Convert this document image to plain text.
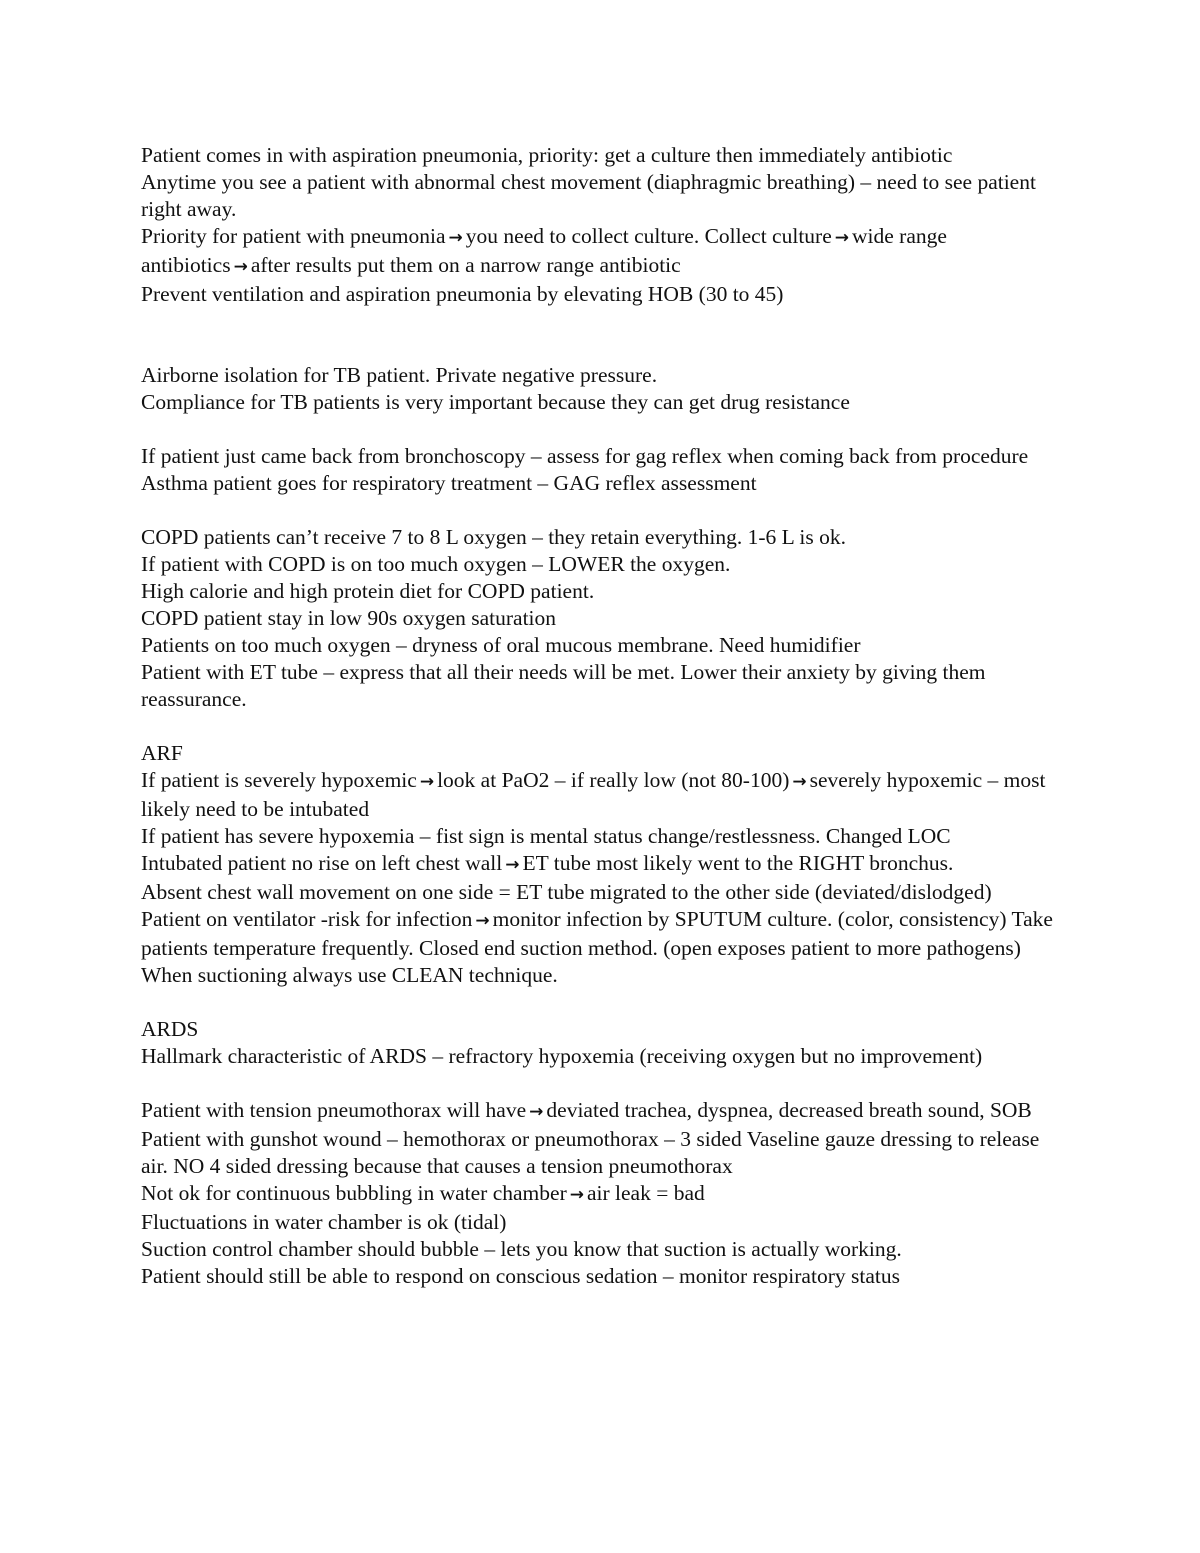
Patient comes in with aspiration pneumonia, priority: get a culture then immediately antibiotic

Anytime you see a patient with abnormal chest movement (diaphragmic breathing) – need to see patient right away.

Priority for patient with pneumonia → you need to collect culture. Collect culture → wide range antibiotics → after results put them on a narrow range antibiotic

Prevent ventilation and aspiration pneumonia by elevating HOB (30 to 45)

Airborne isolation for TB patient. Private negative pressure.

Compliance for TB patients is very important because they can get drug resistance

If patient just came back from bronchoscopy – assess for gag reflex when coming back from procedure

Asthma patient goes for respiratory treatment – GAG reflex assessment

COPD patients can’t receive 7 to 8 L oxygen – they retain everything. 1-6 L is ok.

If patient with COPD is on too much oxygen – LOWER the oxygen.

High calorie and high protein diet for COPD patient.

COPD patient stay in low 90s oxygen saturation

Patients on too much oxygen – dryness of oral mucous membrane. Need humidifier

Patient with ET tube – express that all their needs will be met. Lower their anxiety by giving them reassurance.

ARF

If patient is severely hypoxemic → look at PaO2 – if really low (not 80-100) → severely hypoxemic – most likely need to be intubated

If patient has severe hypoxemia – fist sign is mental status change/restlessness. Changed LOC

Intubated patient no rise on left chest wall → ET tube most likely went to the RIGHT bronchus.

Absent chest wall movement on one side = ET tube migrated to the other side (deviated/dislodged)

Patient on ventilator -risk for infection → monitor infection by SPUTUM culture. (color, consistency) Take patients temperature frequently. Closed end suction method. (open exposes patient to more pathogens) When suctioning always use CLEAN technique.

ARDS

Hallmark characteristic of ARDS – refractory hypoxemia (receiving oxygen but no improvement)

Patient with tension pneumothorax will have → deviated trachea, dyspnea, decreased breath sound, SOB

Patient with gunshot wound – hemothorax or pneumothorax – 3 sided Vaseline gauze dressing to release air. NO 4 sided dressing because that causes a tension pneumothorax

Not ok for continuous bubbling in water chamber → air leak = bad

Fluctuations in water chamber is ok (tidal)

Suction control chamber should bubble – lets you know that suction is actually working.

Patient should still be able to respond on conscious sedation – monitor respiratory status
